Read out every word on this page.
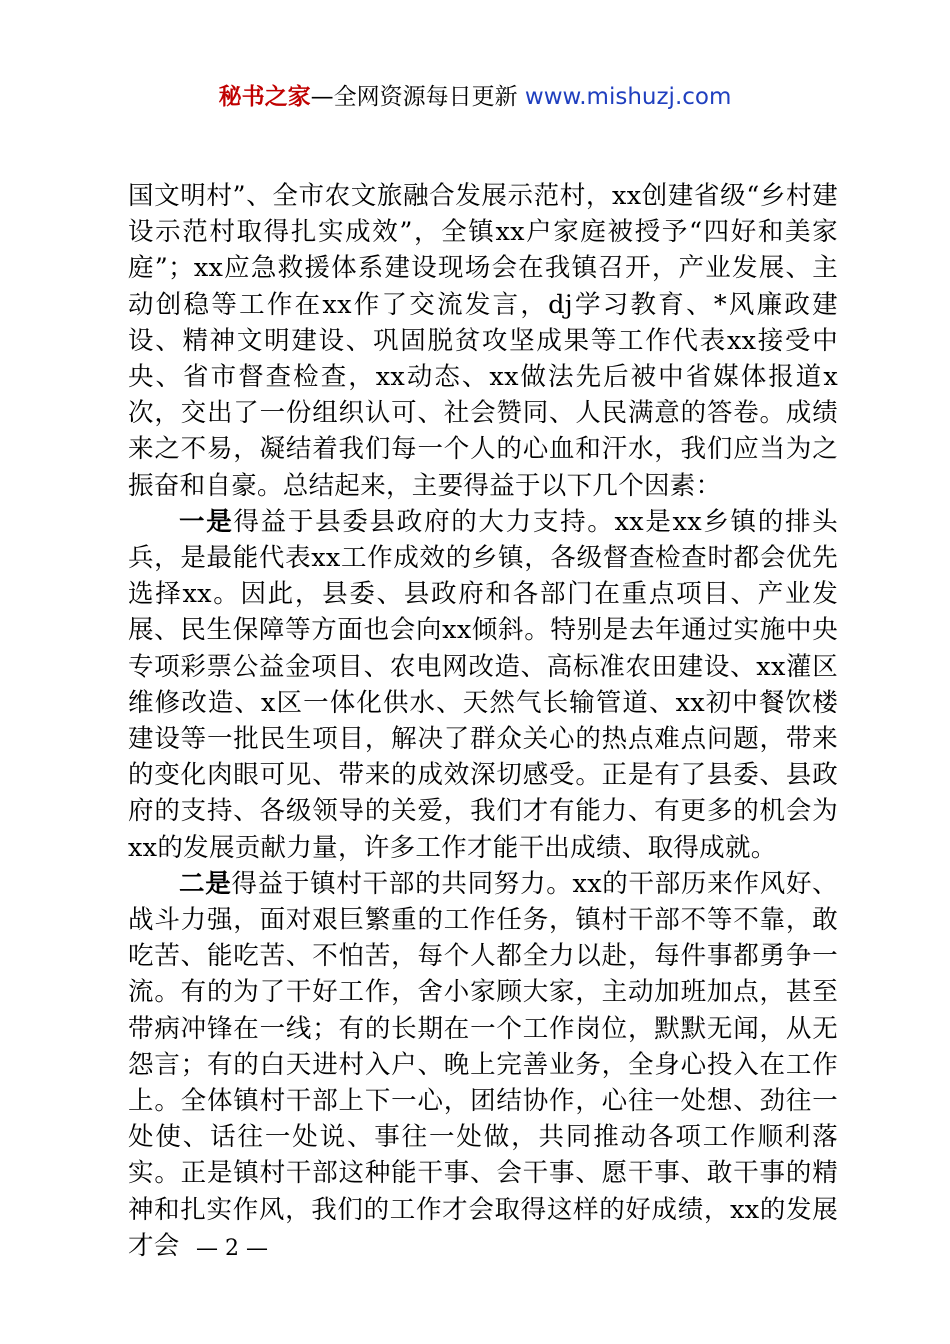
秘书之家—全网资源每日更新 www.mishuzj.com

国文明村”、全市农文旅融合发展示范村，xx创建省级“乡村建设示范村取得扎实成效”，全镇xx户家庭被授予“四好和美家庭”；xx应急救援体系建设现场会在我镇召开，产业发展、主动创稳等工作在xx作了交流发言，dj学习教育、*风廉政建设、精神文明建设、巩固脱贫攻坚成果等工作代表xx接受中央、省市督查检查，xx动态、xx做法先后被中省媒体报道x次，交出了一份组织认可、社会赞同、人民满意的答卷。成绩来之不易，凝结着我们每一个人的心血和汗水，我们应当为之振奋和自豪。总结起来，主要得益于以下几个因素：

一是得益于县委县政府的大力支持。xx是xx乡镇的排头兵，是最能代表xx工作成效的乡镇，各级督查检查时都会优先选择xx。因此，县委、县政府和各部门在重点项目、产业发展、民生保障等方面也会向xx倾斜。特别是去年通过实施中央专项彩票公益金项目、农电网改造、高标准农田建设、xx灌区维修改造、x区一体化供水、天然气长输管道、xx初中餐饮楼建设等一批民生项目，解决了群众关心的热点难点问题，带来的变化肉眼可见、带来的成效深切感受。正是有了县委、县政府的支持、各级领导的关爱，我们才有能力、有更多的机会为xx的发展贡献力量，许多工作才能干出成绩、取得成就。

二是得益于镇村干部的共同努力。xx的干部历来作风好、战斗力强，面对艰巨繁重的工作任务，镇村干部不等不靠，敢吃苦、能吃苦、不怕苦，每个人都全力以赴，每件事都勇争一流。有的为了干好工作，舍小家顾大家，主动加班加点，甚至带病冲锋在一线；有的长期在一个工作岗位，默默无闻，从无怨言；有的白天进村入户、晚上完善业务，全身心投入在工作上。全体镇村干部上下一心，团结协作，心往一处想、劲往一处使、话往一处说、事往一处做，共同推动各项工作顺利落实。正是镇村干部这种能干事、会干事、愿干事、敢干事的精神和扎实作风，我们的工作才会取得这样的好成绩，xx的发展才会 — 2 —
